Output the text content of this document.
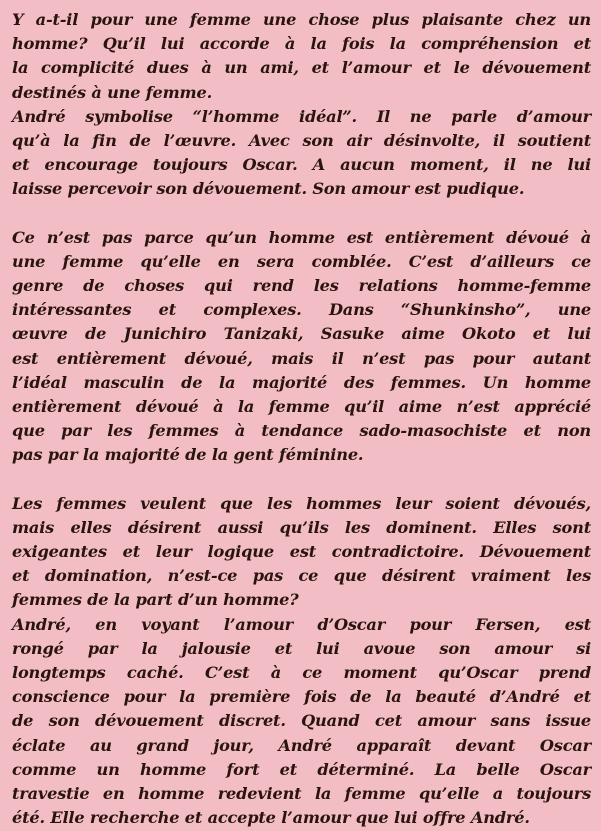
Y a-t-il pour une femme une chose plus plaisante chez un
homme? Qu’il lui accorde à la fois la compréhension et
la complicité dues à un ami, et l’amour et le dévouement
destinés à une femme.
André symbolise “l’homme idéal”. Il ne parle d’amour
qu’à la fin de l’œuvre. Avec son air désinvolte, il soutient
et encourage toujours Oscar. A aucun moment, il ne lui
laisse percevoir son dévouement. Son amour est pudique.
Ce n’est pas parce qu’un homme est entièrement dévoué à
une femme qu’elle en sera comblée. C’est d’ailleurs ce
genre de choses qui rend les relations homme-femme
intéressantes et complexes. Dans “Shunkinsho”, une
œuvre de Junichiro Tanizaki, Sasuke aime Okoto et lui
est entièrement dévoué, mais il n’est pas pour autant
l’idéal masculin de la majorité des femmes. Un homme
entièrement dévoué à la femme qu’il aime n’est apprécié
que par les femmes à tendance sado-masochiste et non
pas par la majorité de la gent féminine.
Les femmes veulent que les hommes leur soient dévoués,
mais elles désirent aussi qu’ils les dominent. Elles sont
exigeantes et leur logique est contradictoire. Dévouement
et domination, n’est-ce pas ce que désirent vraiment les
femmes de la part d’un homme?
André, en voyant l’amour d’Oscar pour Fersen, est
rongé par la jalousie et lui avoue son amour si
longtemps caché. C’est à ce moment qu’Oscar prend
conscience pour la première fois de la beauté d’André et
de son dévouement discret. Quand cet amour sans issue
éclate au grand jour, André apparaît devant Oscar
comme un homme fort et déterminé. La belle Oscar
travestie en homme redevient la femme qu’elle a toujours
été. Elle recherche et accepte l’amour que lui offre André.
